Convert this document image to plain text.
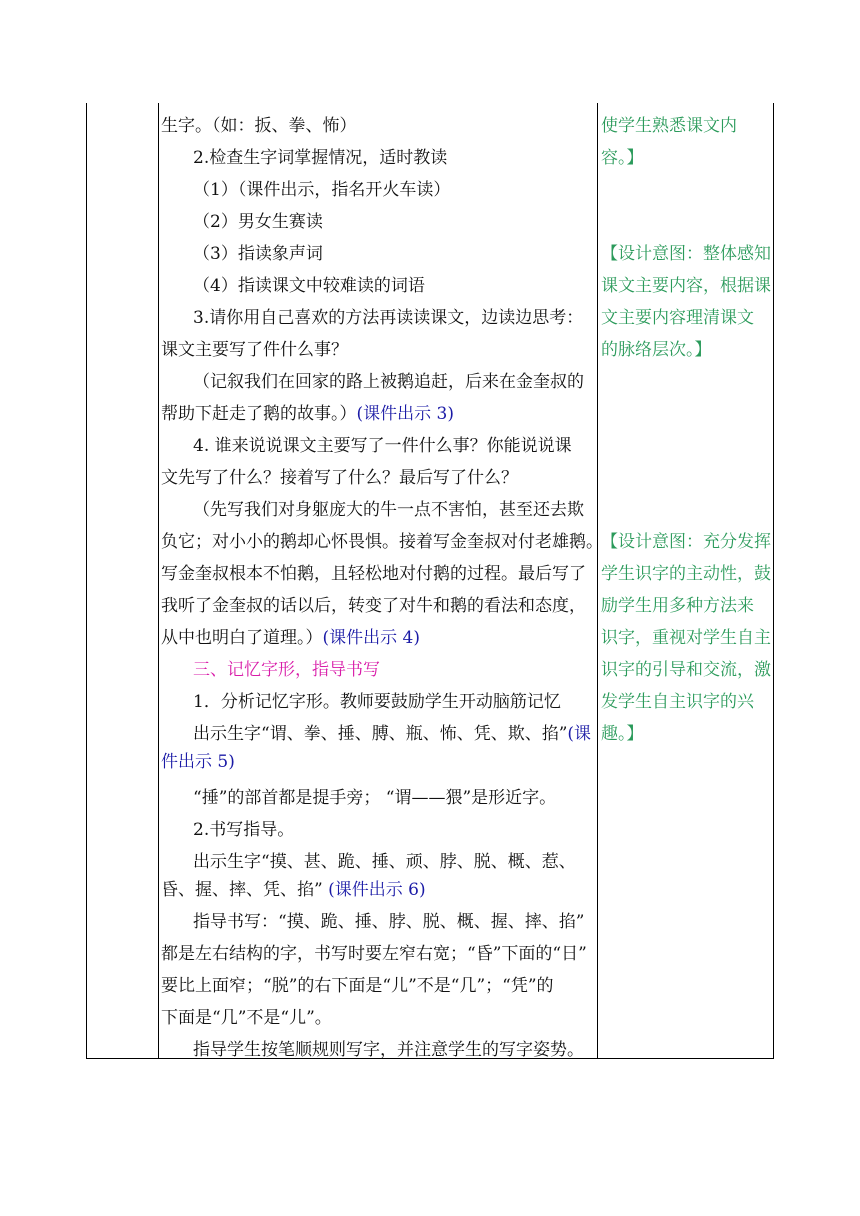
生字。（如：扳、拳、怖）
2.检查生字词掌握情况，适时教读
（1）（课件出示，指名开火车读）
（2）男女生赛读
（3）指读象声词
（4）指读课文中较难读的词语
3.请你用自己喜欢的方法再读读课文，边读边思考：
课文主要写了件什么事？
（记叙我们在回家的路上被鹅追赶，后来在金奎叔的
帮助下赶走了鹅的故事。）(课件出示 3)
4. 谁来说说课文主要写了一件什么事？你能说说课
文先写了什么？接着写了什么？最后写了什么？
（先写我们对身躯庞大的牛一点不害怕，甚至还去欺
负它；对小小的鹅却心怀畏惧。接着写金奎叔对付老雄鹅。
写金奎叔根本不怕鹅，且轻松地对付鹅的过程。最后写了
我听了金奎叔的话以后，转变了对牛和鹅的看法和态度，
从中也明白了道理。）(课件出示 4)
三、记忆字形，指导书写
1．分析记忆字形。教师要鼓励学生开动脑筋记忆
出示生字“谓、拳、捶、膊、瓶、怖、凭、欺、掐”(课
件出示 5)
“捶”的部首都是提手旁； “谓——猥”是形近字。
2.书写指导。
出示生字“摸、甚、跪、捶、顽、脖、脱、概、惹、
昏、握、摔、凭、掐” (课件出示 6)
指导书写：“摸、跪、捶、脖、脱、概、握、摔、掐”
都是左右结构的字，书写时要左窄右宽；“昏”下面的“日”
要比上面窄；“脱”的右下面是“儿”不是“几”；“凭”的
下面是“几”不是“儿”。
指导学生按笔顺规则写字，并注意学生的写字姿势。
使学生熟悉课文内
容。】
【设计意图：整体感知
课文主要内容，根据课
文主要内容理清课文
的脉络层次。】
【设计意图：充分发挥
学生识字的主动性，鼓
励学生用多种方法来
识字，重视对学生自主
识字的引导和交流，激
发学生自主识字的兴
趣。】
